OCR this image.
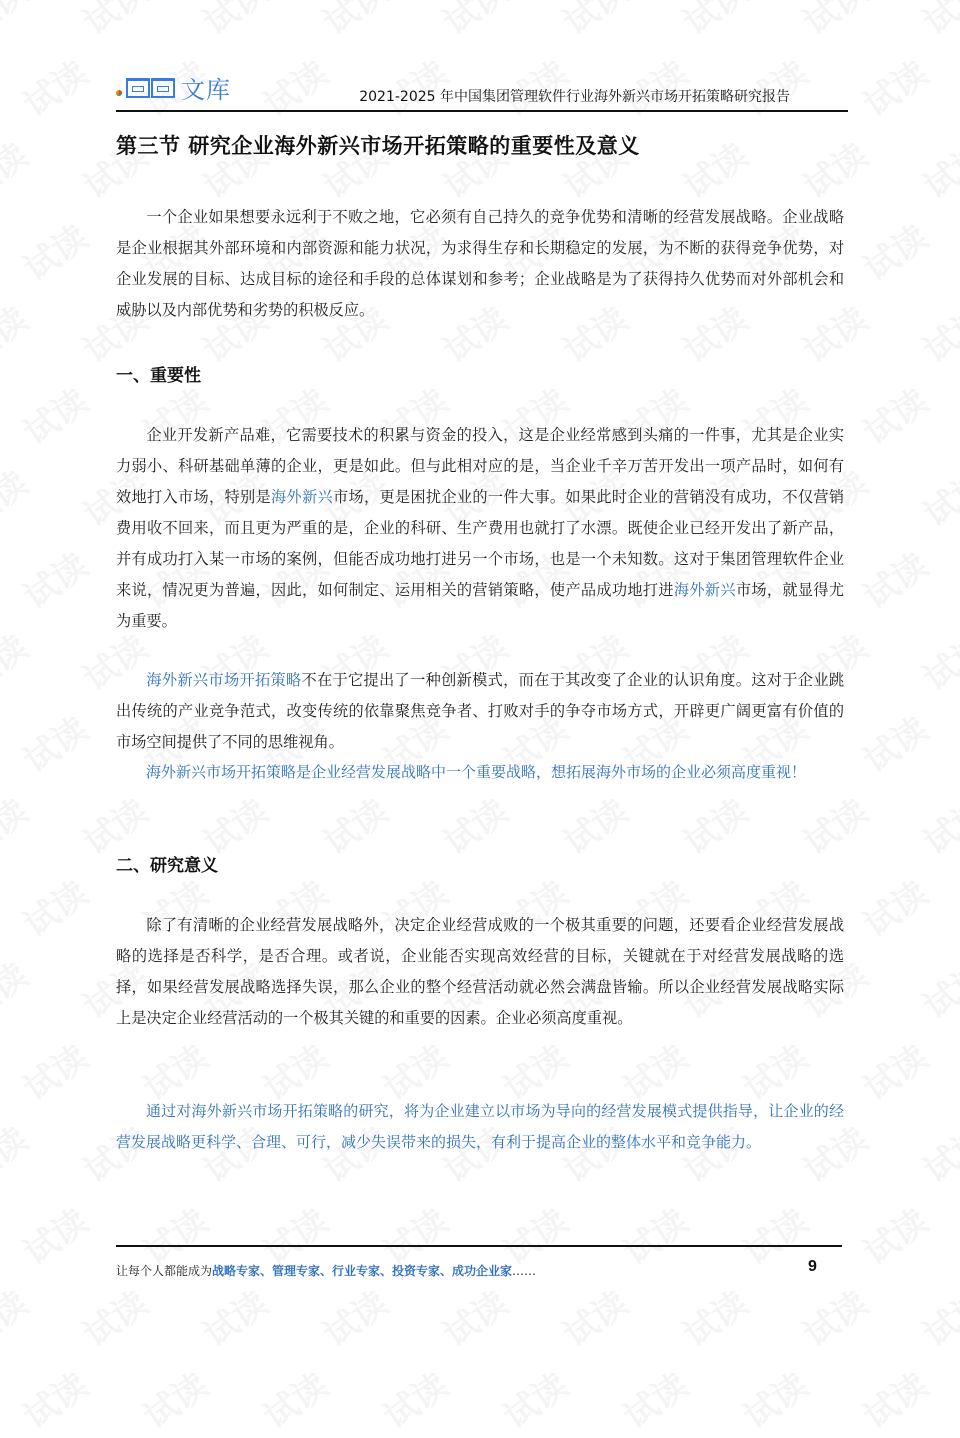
文库	2021-2025 年中国集团管理软件行业海外新兴市场开拓策略研究报告
第三节 研究企业海外新兴市场开拓策略的重要性及意义

一个企业如果想要永远利于不败之地，它必须有自己持久的竞争优势和清晰的经营发展战略。企业战略是企业根据其外部环境和内部资源和能力状况，为求得生存和长期稳定的发展，为不断的获得竞争优势，对企业发展的目标、达成目标的途径和手段的总体谋划和参考；企业战略是为了获得持久优势而对外部机会和威胁以及内部优势和劣势的积极反应。

一、重要性

企业开发新产品难，它需要技术的积累与资金的投入，这是企业经常感到头痛的一件事，尤其是企业实力弱小、科研基础单薄的企业，更是如此。但与此相对应的是，当企业千辛万苦开发出一项产品时，如何有效地打入市场，特别是海外新兴市场，更是困扰企业的一件大事。如果此时企业的营销没有成功，不仅营销费用收不回来，而且更为严重的是，企业的科研、生产费用也就打了水漂。既使企业已经开发出了新产品，并有成功打入某一市场的案例，但能否成功地打进另一个市场，也是一个未知数。这对于集团管理软件企业来说，情况更为普遍，因此，如何制定、运用相关的营销策略，使产品成功地打进海外新兴市场，就显得尤为重要。

海外新兴市场开拓策略不在于它提出了一种创新模式，而在于其改变了企业的认识角度。这对于企业跳出传统的产业竞争范式，改变传统的依靠聚焦竞争者、打败对手的争夺市场方式，开辟更广阔更富有价值的市场空间提供了不同的思维视角。

海外新兴市场开拓策略是企业经营发展战略中一个重要战略，想拓展海外市场的企业必须高度重视！

二、研究意义

除了有清晰的企业经营发展战略外，决定企业经营成败的一个极其重要的问题，还要看企业经营发展战略的选择是否科学，是否合理。或者说，企业能否实现高效经营的目标，关键就在于对经营发展战略的选择，如果经营发展战略选择失误，那么企业的整个经营活动就必然会满盘皆输。所以企业经营发展战略实际上是决定企业经营活动的一个极其关键的和重要的因素。企业必须高度重视。

通过对海外新兴市场开拓策略的研究，将为企业建立以市场为导向的经营发展模式提供指导，让企业的经营发展战略更科学、合理、可行，减少失误带来的损失，有利于提高企业的整体水平和竞争能力。

让每个人都能成为战略专家、管理专家、行业专家、投资专家、成功企业家……	9
